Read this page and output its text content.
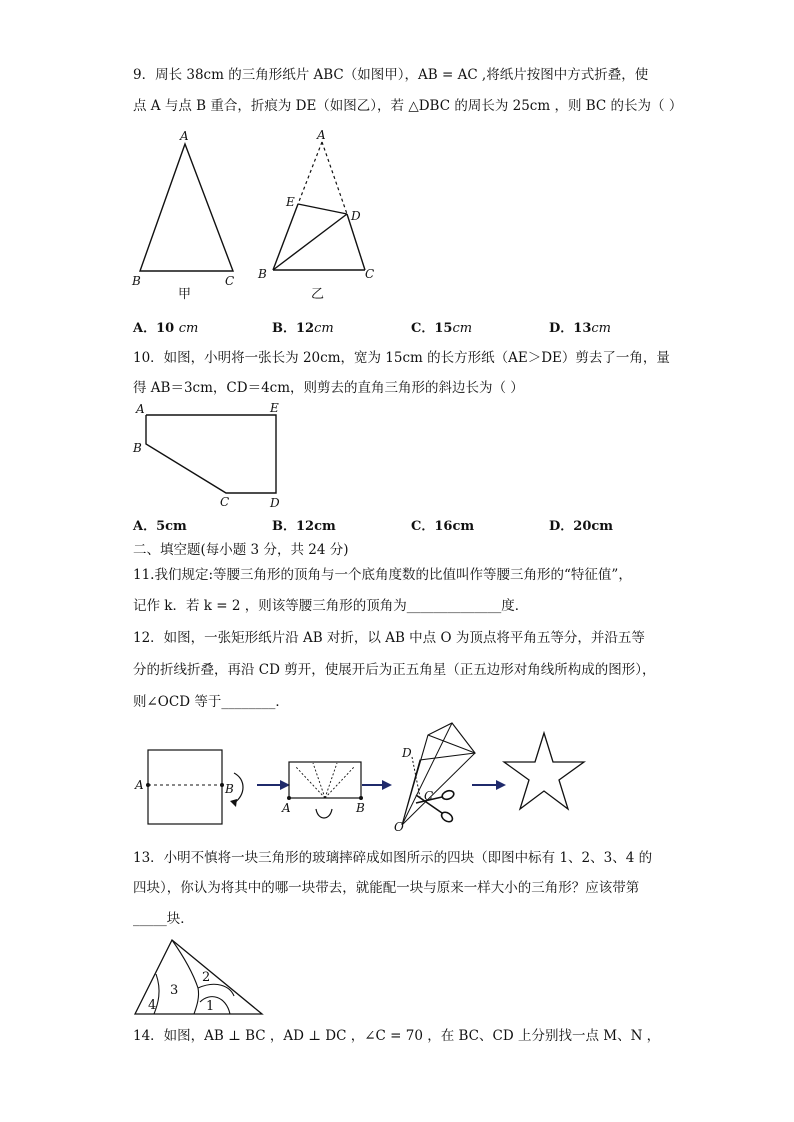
9．周长 38cm 的三角形纸片 ABC（如图甲），AB = AC ,将纸片按图中方式折叠，使
点 A 与点 B 重合，折痕为 DE（如图乙），若 △DBC 的周长为 25cm ，则 BC 的长为（ ）
A
B	C
甲
A
E
D
B	C
乙
A．10 cm	B．12cm	C．15cm	D．13cm
10．如图，小明将一张长为 20cm，宽为 15cm 的长方形纸（AE＞DE）剪去了一角，量
得 AB＝3cm，CD＝4cm，则剪去的直角三角形的斜边长为（ ）
A	E
B
C	D
A．5cm	B．12cm	C．16cm	D．20cm
二、填空题(每小题 3 分，共 24 分)
11.我们规定:等腰三角形的顶角与一个底角度数的比值叫作等腰三角形的“特征值”，
记作 k．若 k = 2 ，则该等腰三角形的顶角为______________度．
12．如图，一张矩形纸片沿 AB 对折，以 AB 中点 O 为顶点将平角五等分，并沿五等
分的折线折叠，再沿 CD 剪开，使展开后为正五角星（正五边形对角线所构成的图形），
则∠OCD 等于________．
A	B
A	B
D
C
O
13．小明不慎将一块三角形的玻璃摔碎成如图所示的四块（即图中标有 1、2、3、4 的
四块），你认为将其中的哪一块带去，就能配一块与原来一样大小的三角形？应该带第
_____块．
4
3
2
1
14．如图，AB ⊥ BC ，AD ⊥ DC ，∠C = 70 ，在 BC、CD 上分别找一点 M、N ，
